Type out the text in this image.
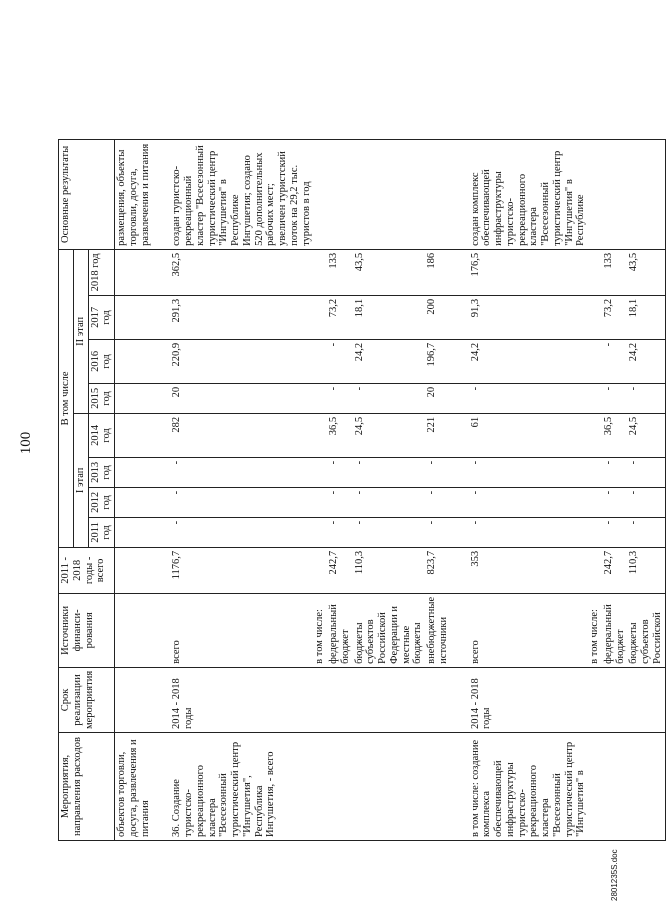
100
Мероприятия, направления расходов	Срок реализации мероприятия	Источники финанси-рования	2011 - 2018 годы - всего	В том числе								Основные результаты
				I этап				II этап				
				2011 год	2012 год	2013 год	2014 год	2015 год	2016 год	2017 год	2018 год	
объектов торговли, досуга, развлечения и питания												размещения, объекты торговли, досуга, развлечения и питания

36. Создание туристско-рекреационного кластера "Всесезонный туристический центр "Ингушетия", Республика Ингушетия, - всего	2014 - 2018 годы	всего	1176,7	-	-	-	282	20	220,9	291,3	362,5	создан туристско-рекреационный кластер "Всесезонный туристический центр "Ингушетия" в Республике Ингушетия; создано 520 дополнительных рабочих мест; увеличен туристский поток на 29,2 тыс. туристов в год
		в том числе:										
		федеральный бюджет	242,7	-	-	-	36,5	-	-	73,2	133	
		бюджеты субъектов Российской Федерации и местные бюджеты	110,3	-	-	-	24,5	-	24,2	18,1	43,5	
		внебюджетные источники	823,7	-	-	-	221	20	196,7	200	186	

в том числе: создание комплекса обеспечивающей инфраструктуры туристско-рекреационного кластера "Всесезонный туристический центр "Ингушетия" в	2014 - 2018 годы	всего	353	-	-	-	61	-	24,2	91,3	176,5	создан комплекс обеспечивающей инфраструктуры туристско-рекреационного кластера "Всесезонный туристический центр "Ингушетия" в Республике
		в том числе:										
		федеральный бюджет	242,7	-	-	-	36,5	-	-	73,2	133	
		бюджеты субъектов Российской	110,3	-	-	-	24,5	-	24,2	18,1	43,5	
2801235S.doc
